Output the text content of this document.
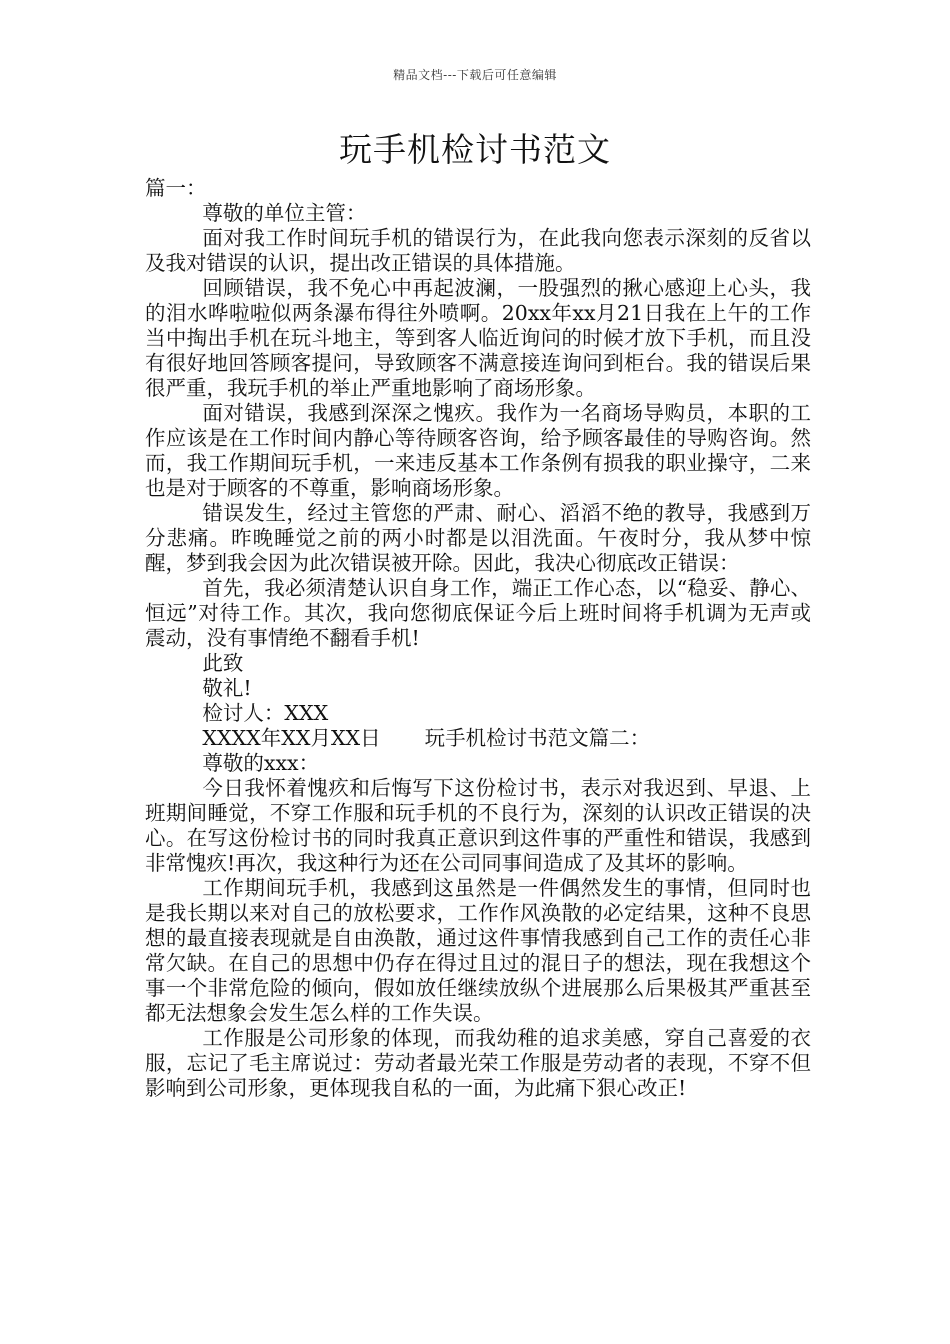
精品文档---下载后可任意编辑
玩手机检讨书范文

篇一：

尊敬的单位主管：

面对我工作时间玩手机的错误行为，在此我向您表示深刻的反省以及我对错误的认识，提出改正错误的具体措施。

回顾错误，我不免心中再起波澜，一股强烈的揪心感迎上心头，我的泪水哗啦啦似两条瀑布得往外喷啊。20xx年xx月21日我在上午的工作当中掏出手机在玩斗地主，等到客人临近询问的时候才放下手机，而且没有很好地回答顾客提问，导致顾客不满意接连询问到柜台。我的错误后果很严重，我玩手机的举止严重地影响了商场形象。

面对错误，我感到深深之愧疚。我作为一名商场导购员，本职的工作应该是在工作时间内静心等待顾客咨询，给予顾客最佳的导购咨询。然而，我工作期间玩手机，一来违反基本工作条例有损我的职业操守，二来也是对于顾客的不尊重，影响商场形象。

错误发生，经过主管您的严肃、耐心、滔滔不绝的教导，我感到万分悲痛。昨晚睡觉之前的两小时都是以泪洗面。午夜时分，我从梦中惊醒，梦到我会因为此次错误被开除。因此，我决心彻底改正错误：

首先，我必须清楚认识自身工作，端正工作心态，以“稳妥、静心、恒远”对待工作。其次，我向您彻底保证今后上班时间将手机调为无声或震动，没有事情绝不翻看手机!

此致

敬礼!

检讨人：XXX

XXXX年XX月XX日 玩手机检讨书范文篇二：

尊敬的xxx：

今日我怀着愧疚和后悔写下这份检讨书，表示对我迟到、早退、上班期间睡觉，不穿工作服和玩手机的不良行为，深刻的认识改正错误的决心。在写这份检讨书的同时我真正意识到这件事的严重性和错误，我感到非常愧疚!再次，我这种行为还在公司同事间造成了及其坏的影响。

工作期间玩手机，我感到这虽然是一件偶然发生的事情，但同时也是我长期以来对自己的放松要求，工作作风涣散的必定结果，这种不良思想的最直接表现就是自由涣散，通过这件事情我感到自己工作的责任心非常欠缺。在自己的思想中仍存在得过且过的混日子的想法，现在我想这个事一个非常危险的倾向，假如放任继续放纵个进展那么后果极其严重甚至都无法想象会发生怎么样的工作失误。

工作服是公司形象的体现，而我幼稚的追求美感，穿自己喜爱的衣服，忘记了毛主席说过：劳动者最光荣工作服是劳动者的表现，不穿不但影响到公司形象，更体现我自私的一面，为此痛下狠心改正!
